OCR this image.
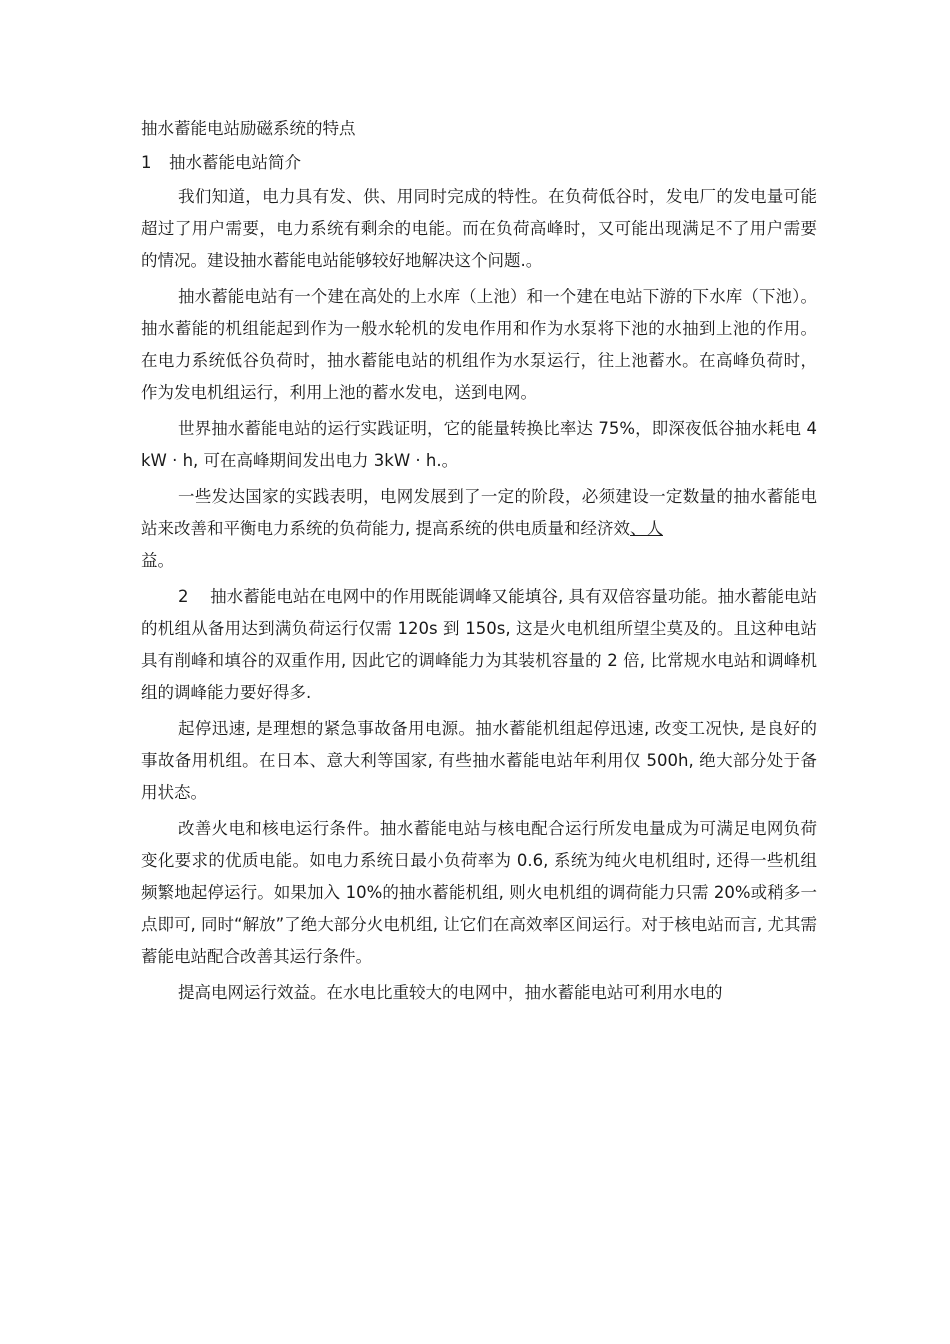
抽水蓄能电站励磁系统的特点

1 抽水蓄能电站简介

我们知道，电力具有发、供、用同时完成的特性。在负荷低谷时，发电厂的发电量可能超过了用户需要，电力系统有剩余的电能。而在负荷高峰时，又可能出现满足不了用户需要的情况。建设抽水蓄能电站能够较好地解决这个问题.。

抽水蓄能电站有一个建在高处的上水库（上池）和一个建在电站下游的下水库（下池）。抽水蓄能的机组能起到作为一般水轮机的发电作用和作为水泵将下池的水抽到上池的作用。在电力系统低谷负荷时，抽水蓄能电站的机组作为水泵运行，往上池蓄水。在高峰负荷时，作为发电机组运行，利用上池的蓄水发电，送到电网。

世界抽水蓄能电站的运行实践证明，它的能量转换比率达 75%，即深夜低谷抽水耗电 4kW · h, 可在高峰期间发出电力 3kW · h.。

一些发达国家的实践表明，电网发展到了一定的阶段，必须建设一定数量的抽水蓄能电站来改善和平衡电力系统的负荷能力, 提高系统的供电质量和经济效、人

益。

2 抽水蓄能电站在电网中的作用既能调峰又能填谷, 具有双倍容量功能。抽水蓄能电站的机组从备用达到满负荷运行仅需 120s 到 150s, 这是火电机组所望尘莫及的。且这种电站具有削峰和填谷的双重作用, 因此它的调峰能力为其装机容量的 2 倍, 比常规水电站和调峰机组的调峰能力要好得多.

起停迅速, 是理想的紧急事故备用电源。抽水蓄能机组起停迅速, 改变工况快, 是良好的事故备用机组。在日本、意大利等国家, 有些抽水蓄能电站年利用仅 500h, 绝大部分处于备用状态。

改善火电和核电运行条件。抽水蓄能电站与核电配合运行所发电量成为可满足电网负荷变化要求的优质电能。如电力系统日最小负荷率为 0.6, 系统为纯火电机组时, 还得一些机组频繁地起停运行。如果加入 10%的抽水蓄能机组, 则火电机组的调荷能力只需 20%或稍多一点即可, 同时“解放”了绝大部分火电机组, 让它们在高效率区间运行。对于核电站而言, 尤其需蓄能电站配合改善其运行条件。

提高电网运行效益。在水电比重较大的电网中，抽水蓄能电站可利用水电的
